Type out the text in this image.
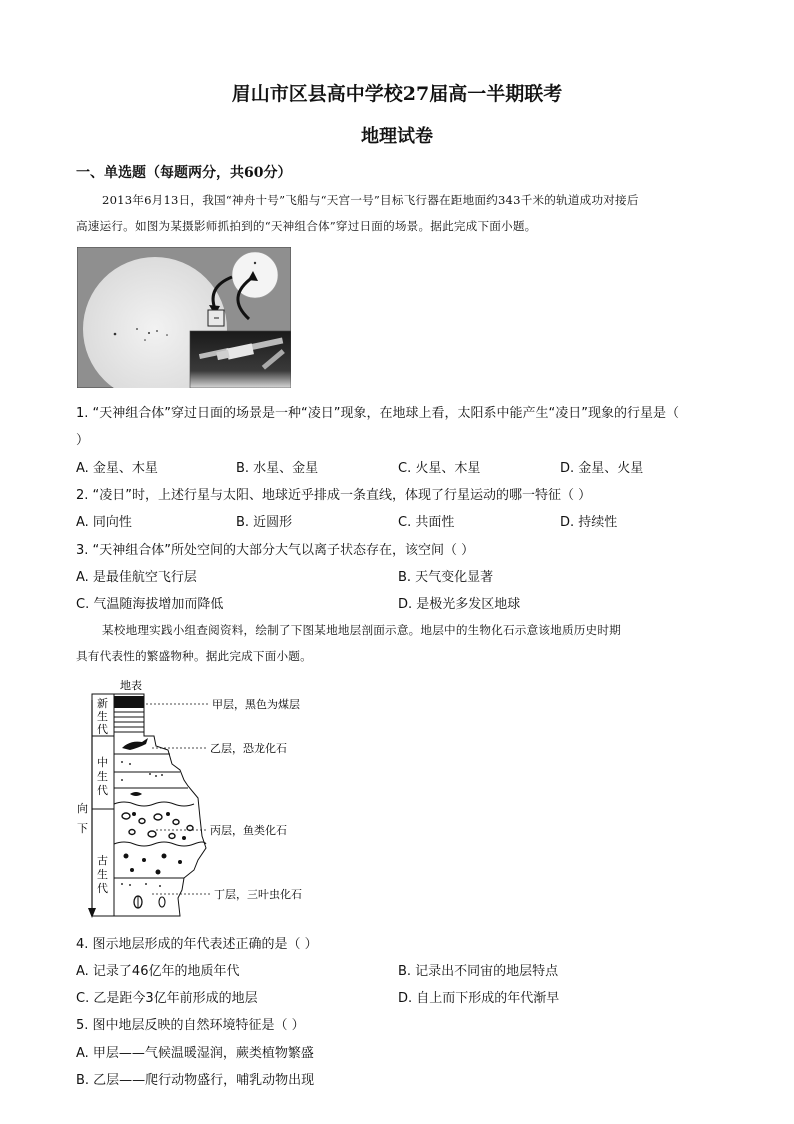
眉山市区县高中学校27届高一半期联考
地理试卷
一、单选题（每题两分，共60分）
2013年6月13日，我国“神舟十号”飞船与“天宫一号”目标飞行器在距地面约343千米的轨道成功对接后
高速运行。如图为某摄影师抓拍到的“天神组合体”穿过日面的场景。据此完成下面小题。
1. “天神组合体”穿过日面的场景是一种“凌日”现象，在地球上看，太阳系中能产生“凌日”现象的行星是（
）
A. 金星、木星	B. 水星、金星	C. 火星、木星	D. 金星、火星
2. “凌日”时，上述行星与太阳、地球近乎排成一条直线，体现了行星运动的哪一特征（ ）
A. 同向性	B. 近圆形	C. 共面性	D. 持续性
3. “天神组合体”所处空间的大部分大气以离子状态存在，该空间（ ）
A. 是最佳航空飞行层	B. 天气变化显著
C. 气温随海拔增加而降低	D. 是极光多发区地球
某校地理实践小组查阅资料，绘制了下图某地地层剖面示意。地层中的生物化石示意该地质历史时期
具有代表性的繁盛物种。据此完成下面小题。
地表
新
生
代
中
生
代
古
生
代
向
下
甲层，黑色为煤层
乙层，恐龙化石
丙层，鱼类化石
丁层，三叶虫化石
4. 图示地层形成的年代表述正确的是（ ）
A. 记录了46亿年的地质年代	B. 记录出不同宙的地层特点
C. 乙是距今3亿年前形成的地层	D. 自上而下形成的年代渐早
5. 图中地层反映的自然环境特征是（ ）
A. 甲层——气候温暖湿润，蕨类植物繁盛
B. 乙层——爬行动物盛行，哺乳动物出现
